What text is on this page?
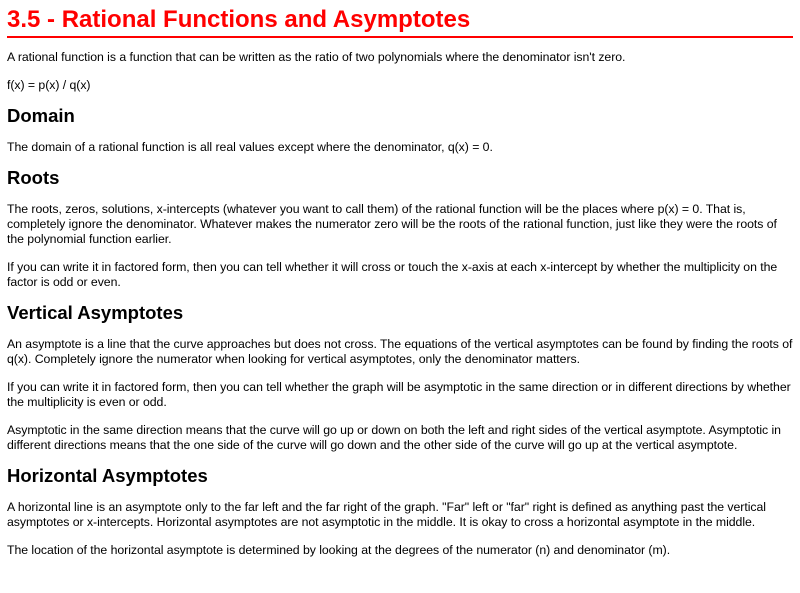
3.5 - Rational Functions and Asymptotes

A rational function is a function that can be written as the ratio of two polynomials where the denominator isn't zero.

f(x) = p(x) / q(x)

Domain

The domain of a rational function is all real values except where the denominator, q(x) = 0.

Roots

The roots, zeros, solutions, x-intercepts (whatever you want to call them) of the rational function will be the places where p(x) = 0. That is, completely ignore the denominator. Whatever makes the numerator zero will be the roots of the rational function, just like they were the roots of the polynomial function earlier.

If you can write it in factored form, then you can tell whether it will cross or touch the x-axis at each x-intercept by whether the multiplicity on the factor is odd or even.

Vertical Asymptotes

An asymptote is a line that the curve approaches but does not cross. The equations of the vertical asymptotes can be found by finding the roots of q(x). Completely ignore the numerator when looking for vertical asymptotes, only the denominator matters.

If you can write it in factored form, then you can tell whether the graph will be asymptotic in the same direction or in different directions by whether the multiplicity is even or odd.

Asymptotic in the same direction means that the curve will go up or down on both the left and right sides of the vertical asymptote. Asymptotic in different directions means that the one side of the curve will go down and the other side of the curve will go up at the vertical asymptote.

Horizontal Asymptotes

A horizontal line is an asymptote only to the far left and the far right of the graph. "Far" left or "far" right is defined as anything past the vertical asymptotes or x-intercepts. Horizontal asymptotes are not asymptotic in the middle. It is okay to cross a horizontal asymptote in the middle.

The location of the horizontal asymptote is determined by looking at the degrees of the numerator (n) and denominator (m).
